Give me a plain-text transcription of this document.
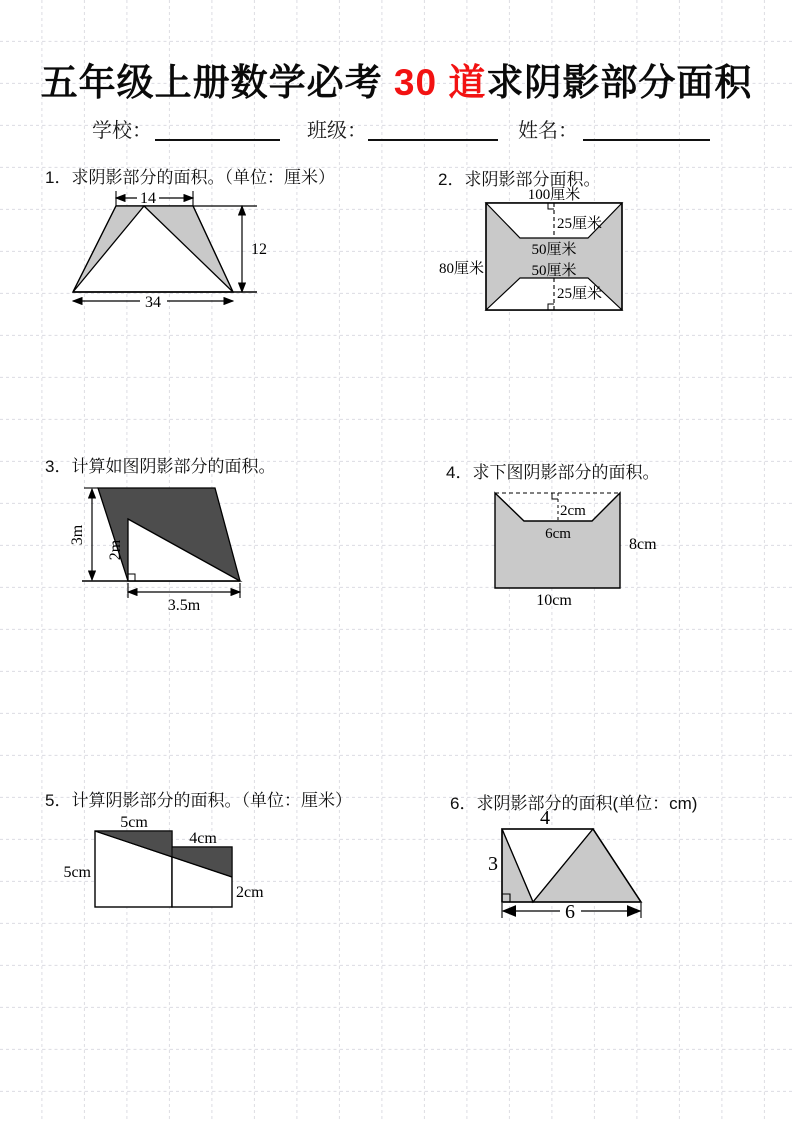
五年级上册数学必考 30 道求阴影部分面积
学校：	班级：	姓名：
1．求阴影部分的面积。（单位：厘米）	2．求阴影部分面积。
3．计算如图阴影部分的面积。	4．求下图阴影部分的面积。
5．计算阴影部分的面积。（单位：厘米）	6．求阴影部分的面积(单位：cm)
14
12
34
100厘米
25厘米
50厘米
50厘米
25厘米
80厘米
3m
2m
3.5m
2cm
6cm
8cm
10cm
5cm
4cm
5cm
2cm
4
3
6
